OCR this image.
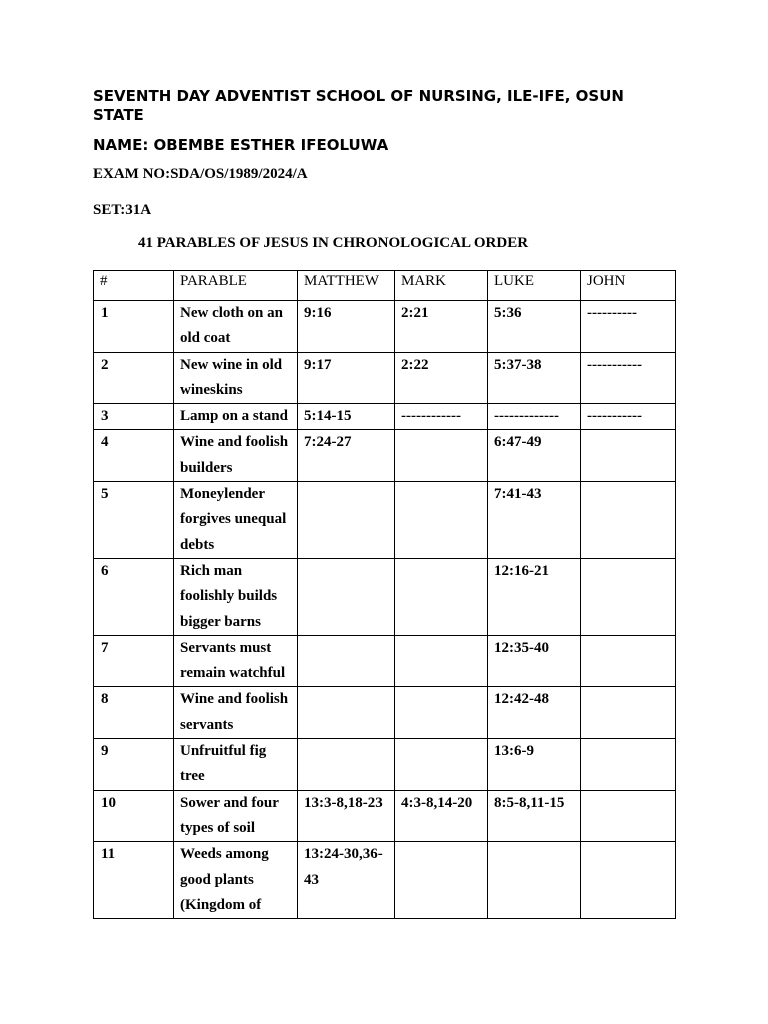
SEVENTH DAY ADVENTIST SCHOOL OF NURSING, ILE-IFE, OSUN STATE

NAME: OBEMBE ESTHER IFEOLUWA

EXAM NO:SDA/OS/1989/2024/A

SET:31A

41 PARABLES OF JESUS IN CHRONOLOGICAL ORDER

#	PARABLE	MATTHEW	MARK	LUKE	JOHN
1	New cloth on an old coat	9:16	2:21	5:36	----------
2	New wine in old wineskins	9:17	2:22	5:37-38	-----------
3	Lamp on a stand	5:14-15	------------	-------------	-----------
4	Wine and foolish builders	7:24-27		6:47-49	
5	Moneylender forgives unequal debts			7:41-43	
6	Rich man foolishly builds bigger barns			12:16-21	
7	Servants must remain watchful			12:35-40	
8	Wine and foolish servants			12:42-48	
9	Unfruitful fig tree			13:6-9	
10	Sower and four types of soil	13:3-8,18-23	4:3-8,14-20	8:5-8,11-15	
11	Weeds among good plants (Kingdom of	13:24-30,36-43			
